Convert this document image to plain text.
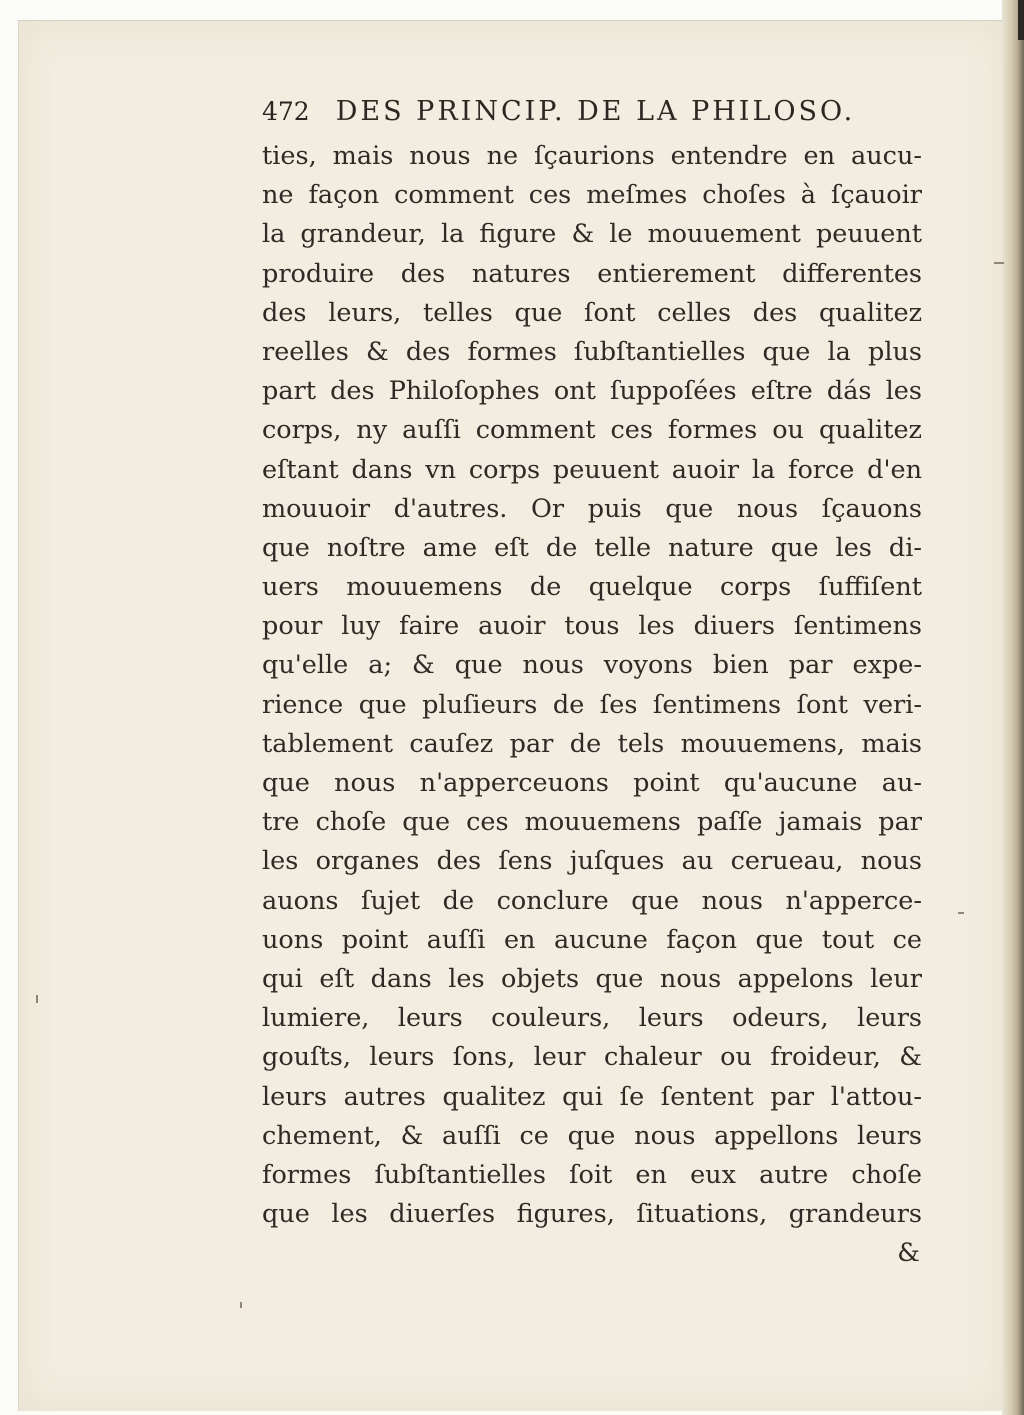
472 DES PRINCIP. DE LA PHILOSO.
ties, mais nous ne ſçaurions entendre en aucu-
ne façon comment ces meſmes choſes à ſçauoir
la grandeur, la figure & le mouuement peuuent
produire des natures entierement differentes
des leurs, telles que ſont celles des qualitez
reelles & des formes ſubſtantielles que la plus
part des Philoſophes ont ſuppoſées eſtre dás les
corps, ny auſſi comment ces formes ou qualitez
eſtant dans vn corps peuuent auoir la force d'en
mouuoir d'autres. Or puis que nous ſçauons
que noſtre ame eſt de telle nature que les di-
uers mouuemens de quelque corps ſuffiſent
pour luy faire auoir tous les diuers ſentimens
qu'elle a; & que nous voyons bien par expe-
rience que pluſieurs de ſes ſentimens ſont veri-
tablement cauſez par de tels mouuemens, mais
que nous n'apperceuons point qu'aucune au-
tre choſe que ces mouuemens paſſe jamais par
les organes des ſens juſques au cerueau, nous
auons ſujet de conclure que nous n'apperce-
uons point auſſi en aucune façon que tout ce
qui eſt dans les objets que nous appelons leur
lumiere, leurs couleurs, leurs odeurs, leurs
gouſts, leurs ſons, leur chaleur ou froideur, &
leurs autres qualitez qui ſe ſentent par l'attou-
chement, & auſſi ce que nous appellons leurs
formes ſubſtantielles ſoit en eux autre choſe
que les diuerſes figures, ſituations, grandeurs
&
